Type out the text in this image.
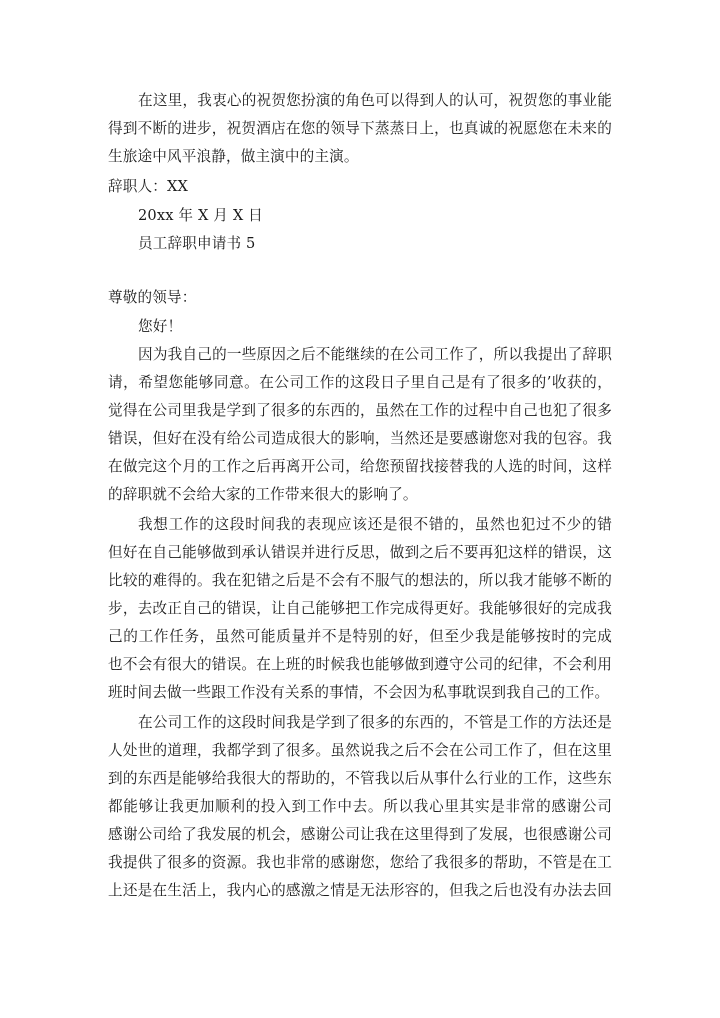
在这里，我衷心的祝贺您扮演的角色可以得到人的认可，祝贺您的事业能
得到不断的进步，祝贺酒店在您的领导下蒸蒸日上，也真诚的祝愿您在未来的
生旅途中风平浪静，做主演中的主演。
辞职人：XX
20xx 年 X 月 X 日
员工辞职申请书 5
尊敬的领导：
您好！
因为我自己的一些原因之后不能继续的在公司工作了，所以我提出了辞职
请，希望您能够同意。在公司工作的这段日子里自己是有了很多的’收获的，
觉得在公司里我是学到了很多的东西的，虽然在工作的过程中自己也犯了很多
错误，但好在没有给公司造成很大的影响，当然还是要感谢您对我的包容。我
在做完这个月的工作之后再离开公司，给您预留找接替我的人选的时间，这样
的辞职就不会给大家的工作带来很大的影响了。
我想工作的这段时间我的表现应该还是很不错的，虽然也犯过不少的错
但好在自己能够做到承认错误并进行反思，做到之后不要再犯这样的错误，这
比较的难得的。我在犯错之后是不会有不服气的想法的，所以我才能够不断的
步，去改正自己的错误，让自己能够把工作完成得更好。我能够很好的完成我
己的工作任务，虽然可能质量并不是特别的好，但至少我是能够按时的完成
也不会有很大的错误。在上班的时候我也能够做到遵守公司的纪律，不会利用
班时间去做一些跟工作没有关系的事情，不会因为私事耽误到我自己的工作。
在公司工作的这段时间我是学到了很多的东西的，不管是工作的方法还是
人处世的道理，我都学到了很多。虽然说我之后不会在公司工作了，但在这里
到的东西是能够给我很大的帮助的，不管我以后从事什么行业的工作，这些东
都能够让我更加顺利的投入到工作中去。所以我心里其实是非常的感谢公司
感谢公司给了我发展的机会，感谢公司让我在这里得到了发展，也很感谢公司
我提供了很多的资源。我也非常的感谢您，您给了我很多的帮助，不管是在工
上还是在生活上，我内心的感激之情是无法形容的，但我之后也没有办法去回
